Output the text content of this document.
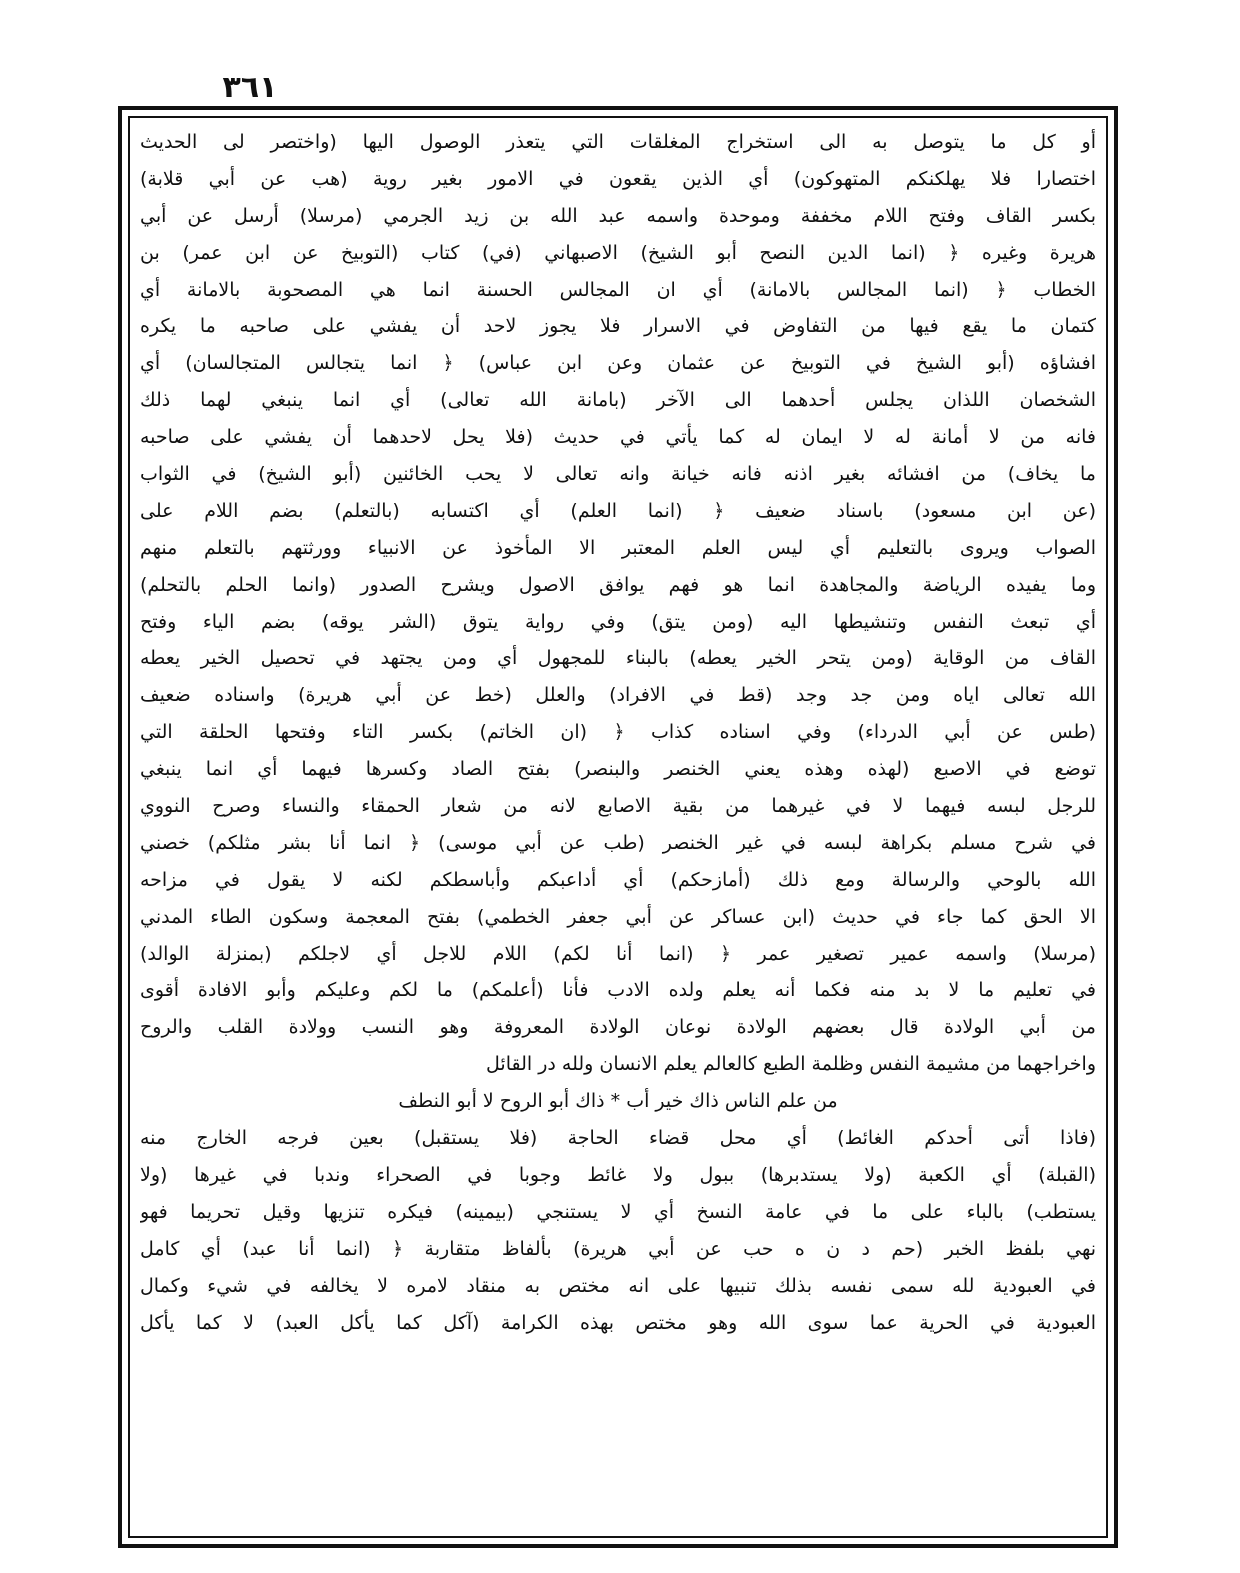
٣٦١
أو كل ما يتوصل به الى استخراج المغلقات التي يتعذر الوصول اليها (واختصر لى الحديث
اختصارا فلا يهلكنكم المتهوكون) أي الذين يقعون في الامور بغير روية (هب عن أبي قلابة)
بكسر القاف وفتح اللام مخففة وموحدة واسمه عبد الله بن زيد الجرمي (مرسلا) أرسل عن أبي
هريرة وغيره ﴿ (انما الدين النصح أبو الشيخ) الاصبهاني (في) كتاب (التوبيخ عن ابن عمر) بن
الخطاب ﴿ (انما المجالس بالامانة) أي ان المجالس الحسنة انما هي المصحوبة بالامانة أي
كتمان ما يقع فيها من التفاوض في الاسرار فلا يجوز لاحد أن يفشي على صاحبه ما يكره
افشاؤه (أبو الشيخ في التوبيخ عن عثمان وعن ابن عباس) ﴿ انما يتجالس المتجالسان) أي
الشخصان اللذان يجلس أحدهما الى الآخر (بامانة الله تعالى) أي انما ينبغي لهما ذلك
فانه من لا أمانة له لا ايمان له كما يأتي في حديث (فلا يحل لاحدهما أن يفشي على صاحبه
ما يخاف) من افشائه بغير اذنه فانه خيانة وانه تعالى لا يحب الخائنين (أبو الشيخ) في الثواب
(عن ابن مسعود) باسناد ضعيف ﴿ (انما العلم) أي اكتسابه (بالتعلم) بضم اللام على
الصواب ويروى بالتعليم أي ليس العلم المعتبر الا المأخوذ عن الانبياء وورثتهم بالتعلم منهم
وما يفيده الرياضة والمجاهدة انما هو فهم يوافق الاصول ويشرح الصدور (وانما الحلم بالتحلم)
أي تبعث النفس وتنشيطها اليه (ومن يتق) وفي رواية يتوق (الشر يوقه) بضم الياء وفتح
القاف من الوقاية (ومن يتحر الخير يعطه) بالبناء للمجهول أي ومن يجتهد في تحصيل الخير يعطه
الله تعالى اياه ومن جد وجد (قط في الافراد) والعلل (خط عن أبي هريرة) واسناده ضعيف
(طس عن أبي الدرداء) وفي اسناده كذاب ﴿ (ان الخاتم) بكسر التاء وفتحها الحلقة التي
توضع في الاصبع (لهذه وهذه يعني الخنصر والبنصر) بفتح الصاد وكسرها فيهما أي انما ينبغي
للرجل لبسه فيهما لا في غيرهما من بقية الاصابع لانه من شعار الحمقاء والنساء وصرح النووي
في شرح مسلم بكراهة لبسه في غير الخنصر (طب عن أبي موسى) ﴿ انما أنا بشر مثلكم) خصني
الله بالوحي والرسالة ومع ذلك (أمازحكم) أي أداعبكم وأباسطكم لكنه لا يقول في مزاحه
الا الحق كما جاء في حديث (ابن عساكر عن أبي جعفر الخطمي) بفتح المعجمة وسكون الطاء المدني
(مرسلا) واسمه عمير تصغير عمر ﴿ (انما أنا لكم) اللام للاجل أي لاجلكم (بمنزلة الوالد)
في تعليم ما لا بد منه فكما أنه يعلم ولده الادب فأنا (أعلمكم) ما لكم وعليكم وأبو الافادة أقوى
من أبي الولادة قال بعضهم الولادة نوعان الولادة المعروفة وهو النسب وولادة القلب والروح
واخراجهما من مشيمة النفس وظلمة الطبع كالعالم يعلم الانسان ولله در القائل
من علم الناس ذاك خير أب * ذاك أبو الروح لا أبو النطف
(فاذا أتى أحدكم الغائط) أي محل قضاء الحاجة (فلا يستقبل) بعين فرجه الخارج منه
(القبلة) أي الكعبة (ولا يستدبرها) ببول ولا غائط وجوبا في الصحراء وندبا في غيرها (ولا
يستطب) بالباء على ما في عامة النسخ أي لا يستنجي (بيمينه) فيكره تنزيها وقيل تحريما فهو
نهي بلفظ الخبر (حم د ن ه حب عن أبي هريرة) بألفاظ متقاربة ﴿ (انما أنا عبد) أي كامل
في العبودية لله سمى نفسه بذلك تنبيها على انه مختص به منقاد لامره لا يخالفه في شيء وكمال
العبودية في الحرية عما سوى الله وهو مختص بهذه الكرامة (آكل كما يأكل العبد) لا كما يأكل
